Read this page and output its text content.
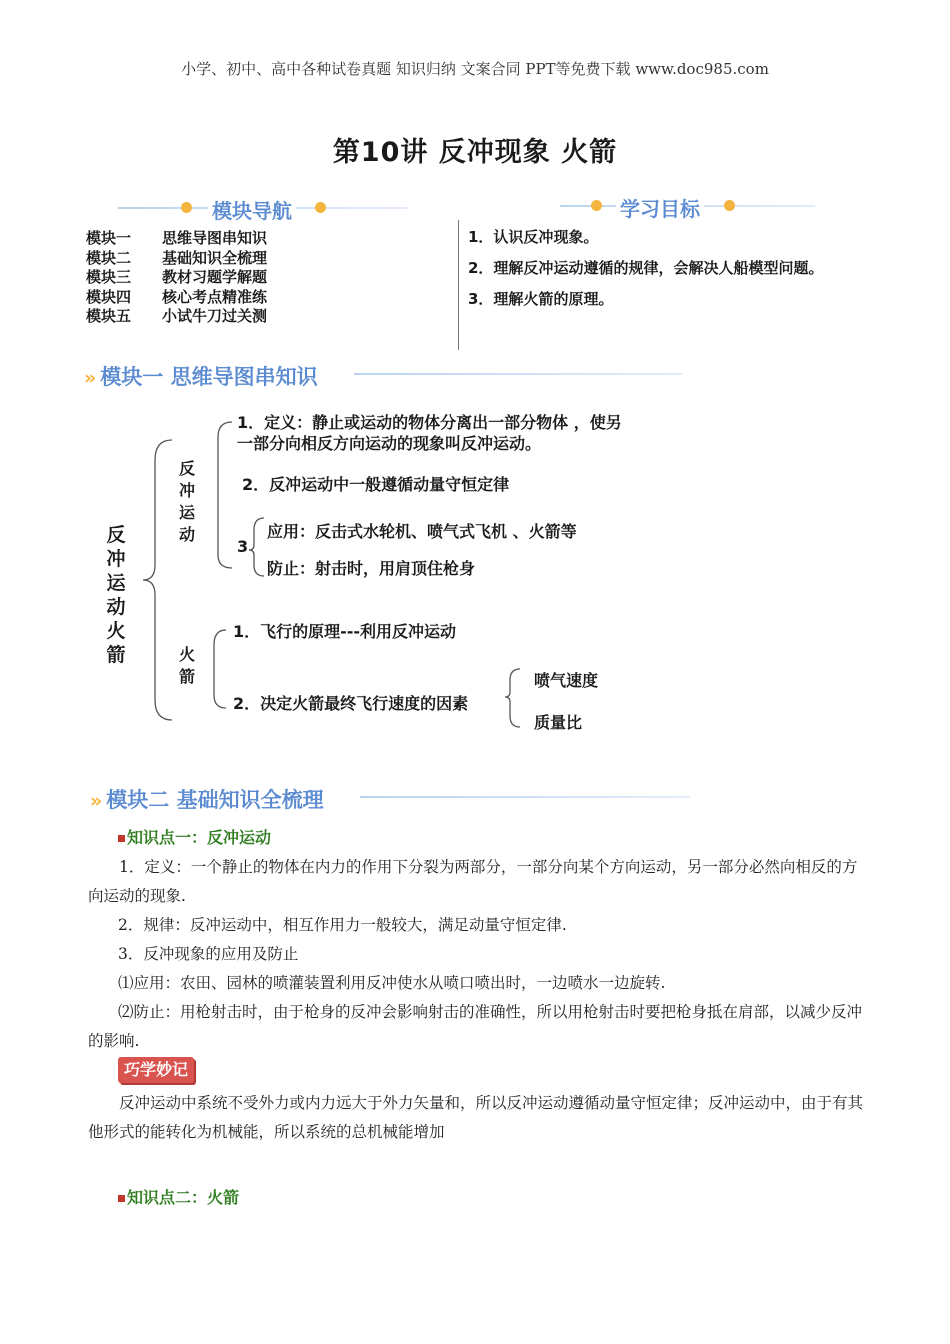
小学、初中、高中各种试卷真题 知识归纳 文案合同 PPT等免费下载 www.doc985.com
第10讲 反冲现象 火箭
模块导航
模块一	思维导图串知识
模块二	基础知识全梳理
模块三	教材习题学解题
模块四	核心考点精准练
模块五	小试牛刀过关测
学习目标
1．认识反冲现象。
2．理解反冲运动遵循的规律，会解决人船模型问题。
3．理解火箭的原理。
» 模块一 思维导图串知识
反冲运动 火箭
反冲运动
火箭
1．定义：静止或运动的物体分离出一部分物体 ，使另
一部分向相反方向运动的现象叫反冲运动。
2．反冲运动中一般遵循动量守恒定律
3
应用：反击式水轮机、喷气式飞机 、火箭等
防止：射击时，用肩顶住枪身
1．飞行的原理---利用反冲运动
2．决定火箭最终飞行速度的因素
喷气速度
质量比
» 模块二 基础知识全梳理
知识点一：反冲运动
1．定义：一个静止的物体在内力的作用下分裂为两部分，一部分向某个方向运动，另一部分必然向相反的方向运动的现象.
2．规律：反冲运动中，相互作用力一般较大，满足动量守恒定律.
3．反冲现象的应用及防止
⑴应用：农田、园林的喷灌装置利用反冲使水从喷口喷出时，一边喷水一边旋转.
⑵防止：用枪射击时，由于枪身的反冲会影响射击的准确性，所以用枪射击时要把枪身抵在肩部，以减少反冲的影响.
巧学妙记
反冲运动中系统不受外力或内力远大于外力矢量和，所以反冲运动遵循动量守恒定律；反冲运动中，由于有其他形式的能转化为机械能，所以系统的总机械能增加
知识点二：火箭
